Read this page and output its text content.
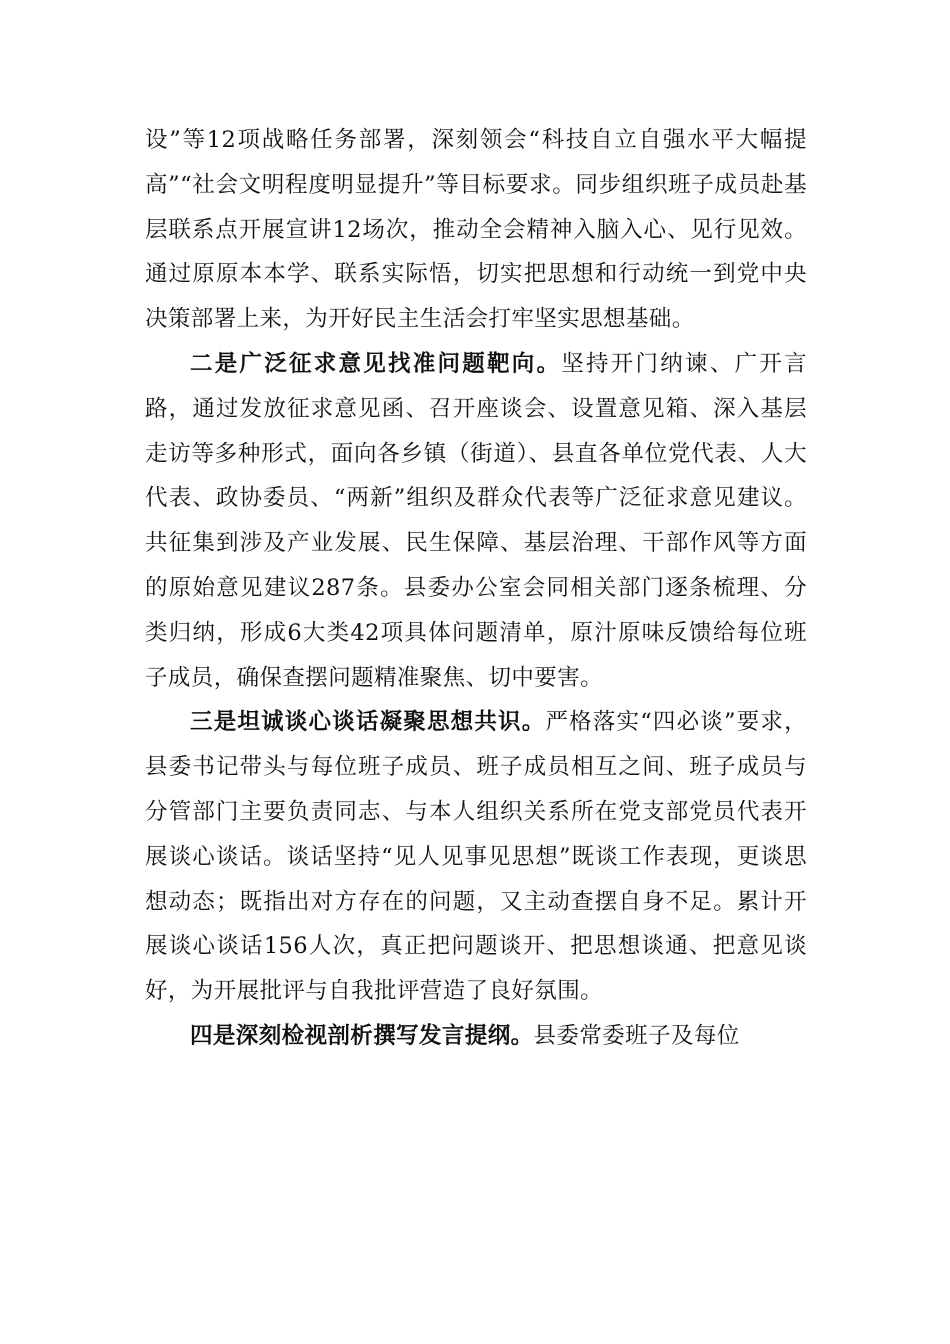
设”等12项战略任务部署，深刻领会“科技自立自强水平大幅提高”“社会文明程度明显提升”等目标要求。同步组织班子成员赴基层联系点开展宣讲12场次，推动全会精神入脑入心、见行见效。通过原原本本学、联系实际悟，切实把思想和行动统一到党中央决策部署上来，为开好民主生活会打牢坚实思想基础。

二是广泛征求意见找准问题靶向。坚持开门纳谏、广开言路，通过发放征求意见函、召开座谈会、设置意见箱、深入基层走访等多种形式，面向各乡镇（街道）、县直各单位党代表、人大代表、政协委员、“两新”组织及群众代表等广泛征求意见建议。共征集到涉及产业发展、民生保障、基层治理、干部作风等方面的原始意见建议287条。县委办公室会同相关部门逐条梳理、分类归纳，形成6大类42项具体问题清单，原汁原味反馈给每位班子成员，确保查摆问题精准聚焦、切中要害。

三是坦诚谈心谈话凝聚思想共识。严格落实“四必谈”要求，县委书记带头与每位班子成员、班子成员相互之间、班子成员与分管部门主要负责同志、与本人组织关系所在党支部党员代表开展谈心谈话。谈话坚持“见人见事见思想”既谈工作表现，更谈思想动态；既指出对方存在的问题，又主动查摆自身不足。累计开展谈心谈话156人次，真正把问题谈开、把思想谈通、把意见谈好，为开展批评与自我批评营造了良好氛围。

四是深刻检视剖析撰写发言提纲。县委常委班子及每位
